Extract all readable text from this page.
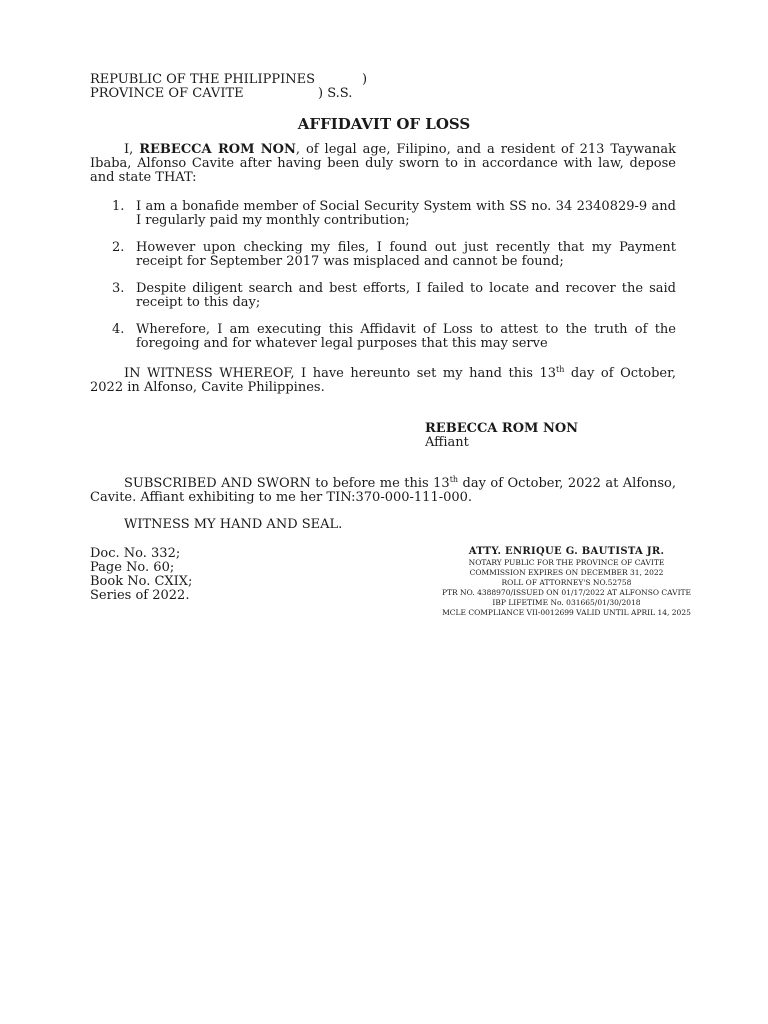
REPUBLIC OF THE PHILIPPINES	)
PROVINCE OF CAVITE	) S.S.
AFFIDAVIT OF LOSS

I, REBECCA ROM NON, of legal age, Filipino, and a resident of 213 Taywanak Ibaba, Alfonso Cavite after having been duly sworn to in accordance with law, depose and state THAT:

1. I am a bonafide member of Social Security System with SS no. 34 2340829-9 and I regularly paid my monthly contribution;
2. However upon checking my files, I found out just recently that my Payment receipt for September 2017 was misplaced and cannot be found;
3. Despite diligent search and best efforts, I failed to locate and recover the said receipt to this day;
4. Wherefore, I am executing this Affidavit of Loss to attest to the truth of the foregoing and for whatever legal purposes that this may serve

IN WITNESS WHEREOF, I have hereunto set my hand this 13th day of October, 2022 in Alfonso, Cavite Philippines.

REBECCA ROM NON
Affiant

SUBSCRIBED AND SWORN to before me this 13th day of October, 2022 at Alfonso, Cavite. Affiant exhibiting to me her TIN:370-000-111-000.

WITNESS MY HAND AND SEAL.

Doc. No. 332;
Page No. 60;
Book No. CXIX;
Series of 2022.
ATTY. ENRIQUE G. BAUTISTA JR.
NOTARY PUBLIC FOR THE PROVINCE OF CAVITE
COMMISSION EXPIRES ON DECEMBER 31, 2022
ROLL OF ATTORNEY'S NO.52758
PTR NO. 4388970/ISSUED ON 01/17/2022 AT ALFONSO CAVITE
IBP LIFETIME No. 031665/01/30/2018
MCLE COMPLIANCE VII-0012699 VALID UNTIL APRIL 14, 2025
